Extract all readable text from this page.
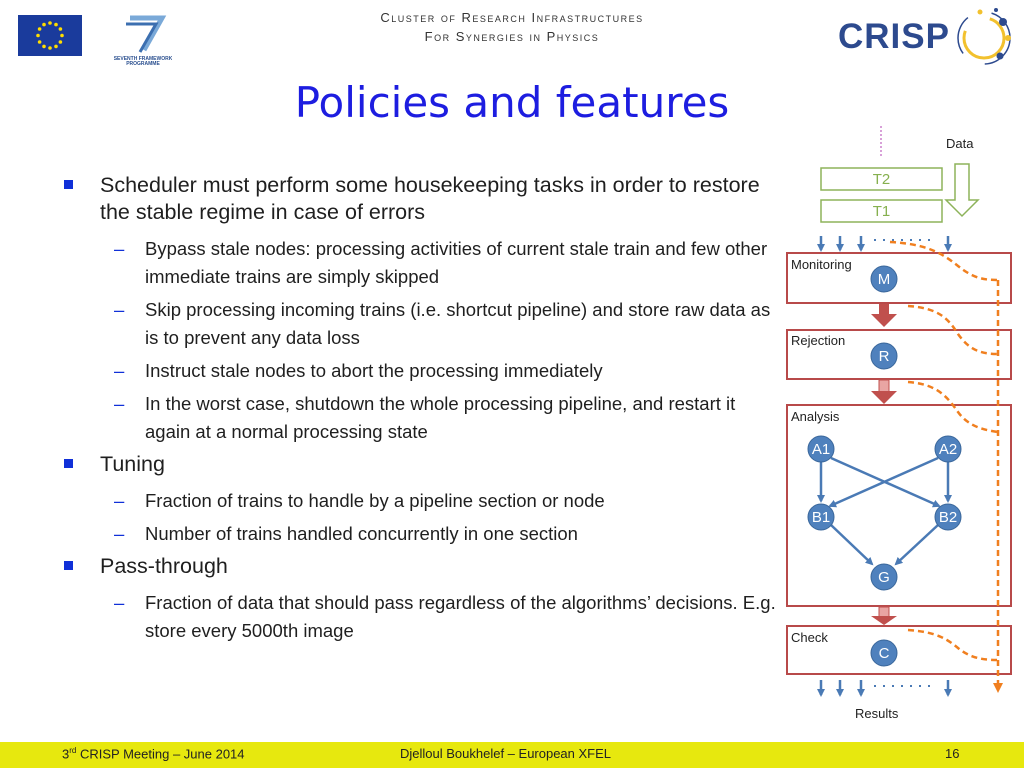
SEVENTH FRAMEWORK
PROGRAMME
Cluster of Research Infrastructures
For Synergies in Physics	CRISP
Policies and features
Scheduler must perform some housekeeping tasks in order to restore the stable regime in case of errors
– Bypass stale nodes: processing activities of current stale train and few other immediate trains are simply skipped
– Skip processing incoming trains (i.e. shortcut pipeline) and store raw data as is to prevent any data loss
– Instruct stale nodes to abort the processing immediately
– In the worst case, shutdown the whole processing pipeline, and restart it again at a normal processing state
Tuning
– Fraction of trains to handle by a pipeline section or node
– Number of trains handled concurrently in one section
Pass-through
– Fraction of data that should pass regardless of the algorithms’ decisions. E.g. store every 5000th image
Data
T2
T1
Monitoring
M
Rejection
R
Analysis
A1	A2
B1	B2
G
Check
C
Results
3rd CRISP Meeting – June 2014	Djelloul Boukhelef – European XFEL	16
